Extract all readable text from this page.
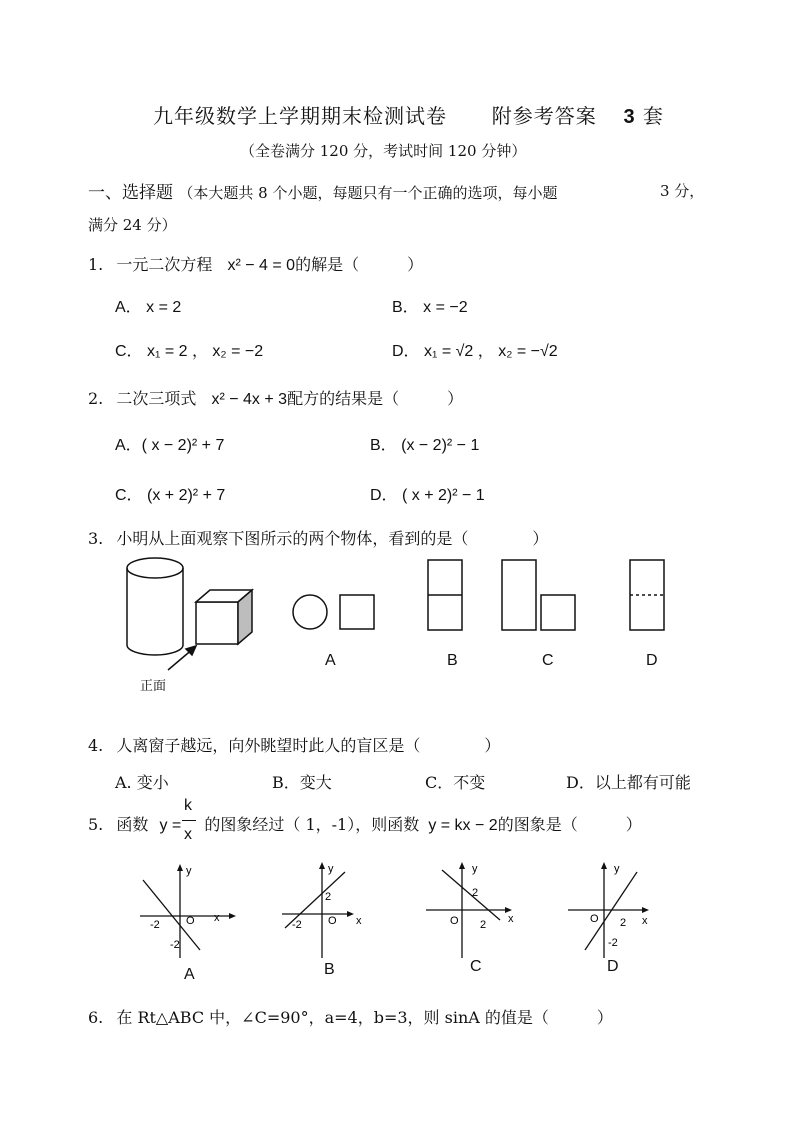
九年级数学上学期期末检测试卷 附参考答案 3 套
（全卷满分 120 分，考试时间 120 分钟）
一、选择题 （本大题共 8 个小题，每题只有一个正确的选项，每小题	3 分，
满分 24 分）
1. 一元二次方程 x² − 4 = 0的解是（　　　）
A． x = 2	B． x = −2
C． x₁ = 2 ， x₂ = −2	D． x₁ = √2 ， x₂ = −√2
2. 二次三项式 x² − 4x + 3配方的结果是（　　　）
A．( x − 2)² + 7	B． (x − 2)² − 1
C． (x + 2)² + 7	D． ( x + 2)² − 1
3. 小明从上面观察下图所示的两个物体，看到的是（　　　　）
正面
A	B	C	D
4. 人离窗子越远，向外眺望时此人的盲区是（　　　　）
A. 变小	B．变大	C．不变	D．以上都有可能
5. 函数 y = 的图象经过（ 1，-1），则函数 y = kx − 2的图象是（　　　）
k
x
y
x
O
-2
-2
y
x
O
2
-2
y
x
O
2
2
y
x
O 2
-2
A	B	C	D
6. 在 Rt△ABC 中，∠C=90°，a=4，b=3，则 sinA 的值是（　　　）
